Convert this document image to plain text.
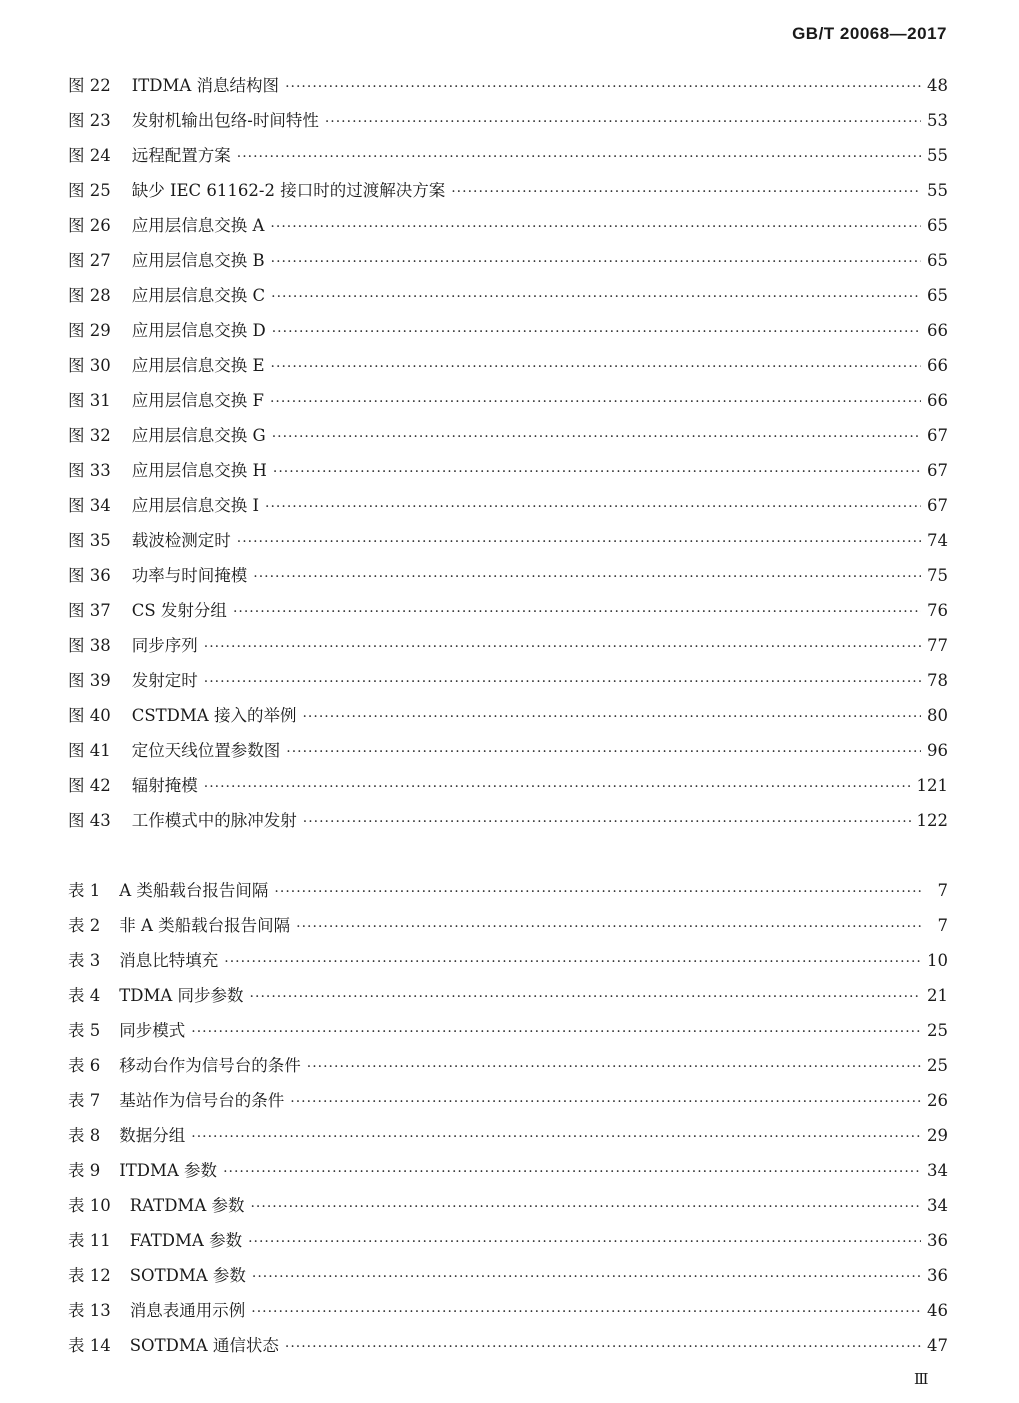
GB/T 20068—2017
图 22 ITDMA 消息结构图 ·····	48
图 23 发射机输出包络-时间特性 ·····	53
图 24 远程配置方案 ·····	55
图 25 缺少 IEC 61162-2 接口时的过渡解决方案 ·····	55
图 26 应用层信息交换 A ·····	65
图 27 应用层信息交换 B ·····	65
图 28 应用层信息交换 C ·····	65
图 29 应用层信息交换 D ·····	66
图 30 应用层信息交换 E ·····	66
图 31 应用层信息交换 F ·····	66
图 32 应用层信息交换 G ·····	67
图 33 应用层信息交换 H ·····	67
图 34 应用层信息交换 I ·····	67
图 35 载波检测定时 ·····	74
图 36 功率与时间掩模 ·····	75
图 37 CS 发射分组 ·····	76
图 38 同步序列 ·····	77
图 39 发射定时 ·····	78
图 40 CSTDMA 接入的举例 ·····	80
图 41 定位天线位置参数图 ·····	96
图 42 辐射掩模 ·····	121
图 43 工作模式中的脉冲发射 ·····	122
表 1 A 类船载台报告间隔 ·····	7
表 2 非 A 类船载台报告间隔 ·····	7
表 3 消息比特填充 ·····	10
表 4 TDMA 同步参数 ·····	21
表 5 同步模式 ·····	25
表 6 移动台作为信号台的条件 ·····	25
表 7 基站作为信号台的条件 ·····	26
表 8 数据分组 ·····	29
表 9 ITDMA 参数 ·····	34
表 10 RATDMA 参数 ·····	34
表 11 FATDMA 参数 ·····	36
表 12 SOTDMA 参数 ·····	36
表 13 消息表通用示例 ·····	46
表 14 SOTDMA 通信状态 ·····	47
Ⅲ
